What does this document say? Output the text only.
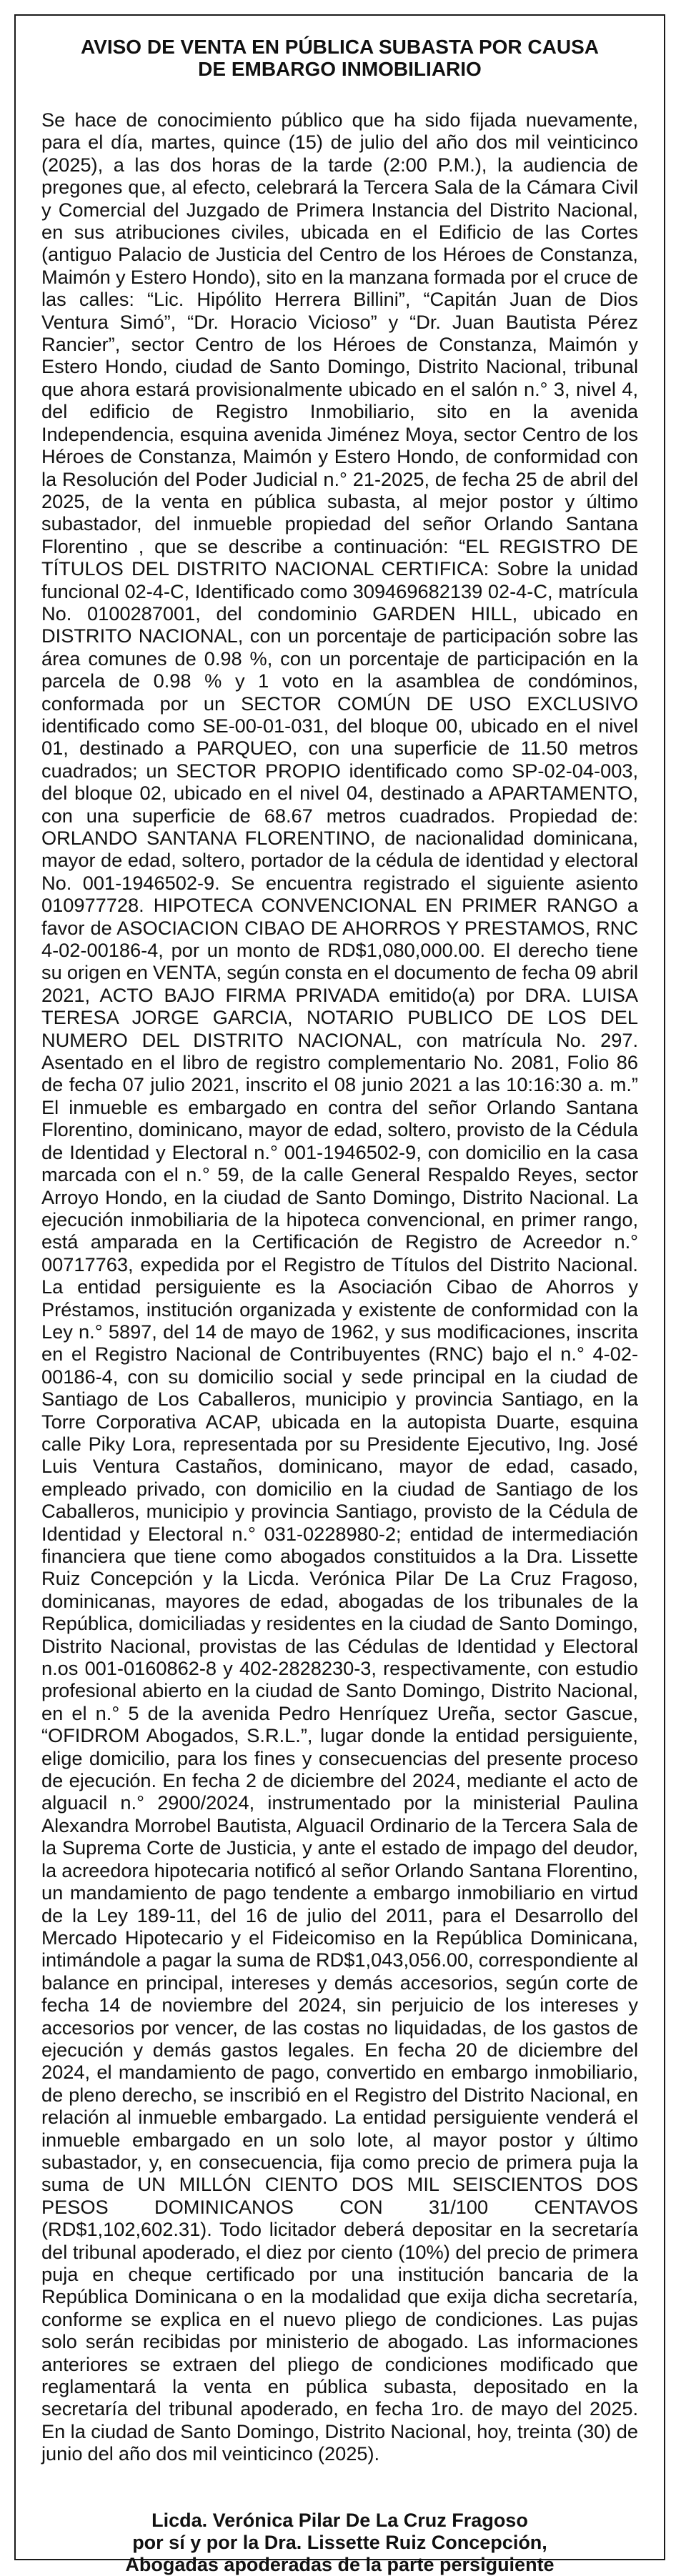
AVISO DE VENTA EN PÚBLICA SUBASTA POR CAUSA
DE EMBARGO INMOBILIARIO
Se hace de conocimiento público que ha sido fijada nuevamente, para el día, martes, quince (15) de julio del año dos mil veinticinco (2025), a las dos horas de la tarde (2:00 P.M.), la audiencia de pregones que, al efecto, celebrará la Tercera Sala de la Cámara Civil y Comercial del Juzgado de Primera Instancia del Distrito Nacional, en sus atribuciones civiles, ubicada en el Edificio de las Cortes (antiguo Palacio de Justicia del Centro de los Héroes de Constanza, Maimón y Estero Hondo), sito en la manzana formada por el cruce de las calles: “Lic. Hipólito Herrera Billini”, “Capitán Juan de Dios Ventura Simó”, “Dr. Horacio Vicioso” y “Dr. Juan Bautista Pérez Rancier”, sector Centro de los Héroes de Constanza, Maimón y Estero Hondo, ciudad de Santo Domingo, Distrito Nacional, tribunal que ahora estará provisionalmente ubicado en el salón n.° 3, nivel 4, del edificio de Registro Inmobiliario, sito en la avenida Independencia, esquina avenida Jiménez Moya, sector Centro de los Héroes de Constanza, Maimón y Estero Hondo, de conformidad con la Resolución del Poder Judicial n.° 21-2025, de fecha 25 de abril del 2025, de la venta en pública subasta, al mejor postor y último subastador, del inmueble propiedad del señor Orlando Santana Florentino , que se describe a continuación: “EL REGISTRO DE TÍTULOS DEL DISTRITO NACIONAL CERTIFICA: Sobre la unidad funcional 02-4-C, Identificado como 309469682139 02-4-C, matrícula No. 0100287001, del condominio GARDEN HILL, ubicado en DISTRITO NACIONAL, con un porcentaje de participación sobre las área comunes de 0.98 %, con un porcentaje de participación en la parcela de 0.98 % y 1 voto en la asamblea de condóminos, conformada por un SECTOR COMÚN DE USO EXCLUSIVO identificado como SE-00-01-031, del bloque 00, ubicado en el nivel 01, destinado a PARQUEO, con una superficie de 11.50 metros cuadrados; un SECTOR PROPIO identificado como SP-02-04-003, del bloque 02, ubicado en el nivel 04, destinado a APARTAMENTO, con una superficie de 68.67 metros cuadrados. Propiedad de: ORLANDO SANTANA FLORENTINO, de nacionalidad dominicana, mayor de edad, soltero, portador de la cédula de identidad y electoral No. 001-1946502-9. Se encuentra registrado el siguiente asiento 010977728. HIPOTECA CONVENCIONAL EN PRIMER RANGO a favor de ASOCIACION CIBAO DE AHORROS Y PRESTAMOS, RNC 4-02-00186-4, por un monto de RD$1,080,000.00. El derecho tiene su origen en VENTA, según consta en el documento de fecha 09 abril 2021, ACTO BAJO FIRMA PRIVADA emitido(a) por DRA. LUISA TERESA JORGE GARCIA, NOTARIO PUBLICO DE LOS DEL NUMERO DEL DISTRITO NACIONAL, con matrícula No. 297. Asentado en el libro de registro complementario No. 2081, Folio 86 de fecha 07 julio 2021, inscrito el 08 junio 2021 a las 10:16:30 a. m.” El inmueble es embargado en contra del señor Orlando Santana Florentino, dominicano, mayor de edad, soltero, provisto de la Cédula de Identidad y Electoral n.° 001-1946502-9, con domicilio en la casa marcada con el n.° 59, de la calle General Respaldo Reyes, sector Arroyo Hondo, en la ciudad de Santo Domingo, Distrito Nacional. La ejecución inmobiliaria de la hipoteca convencional, en primer rango, está amparada en la Certificación de Registro de Acreedor n.° 00717763, expedida por el Registro de Títulos del Distrito Nacional. La entidad persiguiente es la Asociación Cibao de Ahorros y Préstamos, institución organizada y existente de conformidad con la Ley n.° 5897, del 14 de mayo de 1962, y sus modificaciones, inscrita en el Registro Nacional de Contribuyentes (RNC) bajo el n.° 4-02-00186-4, con su domicilio social y sede principal en la ciudad de Santiago de Los Caballeros, municipio y provincia Santiago, en la Torre Corporativa ACAP, ubicada en la autopista Duarte, esquina calle Piky Lora, representada por su Presidente Ejecutivo, Ing. José Luis Ventura Castaños, dominicano, mayor de edad, casado, empleado privado, con domicilio en la ciudad de Santiago de los Caballeros, municipio y provincia Santiago, provisto de la Cédula de Identidad y Electoral n.° 031-0228980-2; entidad de intermediación financiera que tiene como abogados constituidos a la Dra. Lissette Ruiz Concepción y la Licda. Verónica Pilar De La Cruz Fragoso, dominicanas, mayores de edad, abogadas de los tribunales de la República, domiciliadas y residentes en la ciudad de Santo Domingo, Distrito Nacional, provistas de las Cédulas de Identidad y Electoral n.os 001-0160862-8 y 402-2828230-3, respectivamente, con estudio profesional abierto en la ciudad de Santo Domingo, Distrito Nacional, en el n.° 5 de la avenida Pedro Henríquez Ureña, sector Gascue, “OFIDROM Abogados, S.R.L.”, lugar donde la entidad persiguiente, elige domicilio, para los fines y consecuencias del presente proceso de ejecución. En fecha 2 de diciembre del 2024, mediante el acto de alguacil n.° 2900/2024, instrumentado por la ministerial Paulina Alexandra Morrobel Bautista, Alguacil Ordinario de la Tercera Sala de la Suprema Corte de Justicia, y ante el estado de impago del deudor, la acreedora hipotecaria notificó al señor Orlando Santana Florentino, un mandamiento de pago tendente a embargo inmobiliario en virtud de la Ley 189-11, del 16 de julio del 2011, para el Desarrollo del Mercado Hipotecario y el Fideicomiso en la República Dominicana, intimándole a pagar la suma de RD$1,043,056.00, correspondiente al balance en principal, intereses y demás accesorios, según corte de fecha 14 de noviembre del 2024, sin perjuicio de los intereses y accesorios por vencer, de las costas no liquidadas, de los gastos de ejecución y demás gastos legales. En fecha 20 de diciembre del 2024, el mandamiento de pago, convertido en embargo inmobiliario, de pleno derecho, se inscribió en el Registro del Distrito Nacional, en relación al inmueble embargado. La entidad persiguiente venderá el inmueble embargado en un solo lote, al mayor postor y último subastador, y, en consecuencia, fija como precio de primera puja la suma de UN MILLÓN CIENTO DOS MIL SEISCIENTOS DOS PESOS DOMINICANOS CON 31/100 CENTAVOS (RD$1,102,602.31). Todo licitador deberá depositar en la secretaría del tribunal apoderado, el diez por ciento (10%) del precio de primera puja en cheque certificado por una institución bancaria de la República Dominicana o en la modalidad que exija dicha secretaría, conforme se explica en el nuevo pliego de condiciones. Las pujas solo serán recibidas por ministerio de abogado. Las informaciones anteriores se extraen del pliego de condiciones modificado que reglamentará la venta en pública subasta, depositado en la secretaría del tribunal apoderado, en fecha 1ro. de mayo del 2025. En la ciudad de Santo Domingo, Distrito Nacional, hoy, treinta (30) de junio del año dos mil veinticinco (2025).
Licda. Verónica Pilar De La Cruz Fragoso
por sí y por la Dra. Lissette Ruiz Concepción,
Abogadas apoderadas de la parte persiguiente
